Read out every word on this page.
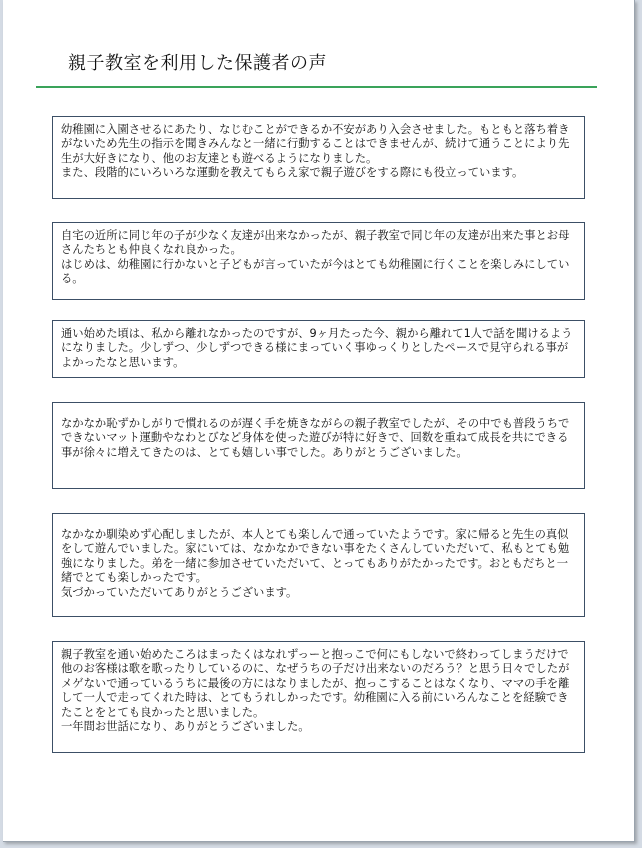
親子教室を利用した保護者の声

幼稚園に入園させるにあたり、なじむことができるか不安があり入会させました。もともと落ち着きがないため先生の指示を聞きみんなと一緒に行動することはできませんが、続けて通うことにより先生が大好きになり、他のお友達とも遊べるようになりました。

また、段階的にいろいろな運動を教えてもらえ家で親子遊びをする際にも役立っています。

自宅の近所に同じ年の子が少なく友達が出来なかったが、親子教室で同じ年の友達が出来た事とお母さんたちとも仲良くなれ良かった。

はじめは、幼稚園に行かないと子どもが言っていたが今はとても幼稚園に行くことを楽しみにしている。

通い始めた頃は、私から離れなかったのですが、9ヶ月たった今、親から離れて1人で話を聞けるようになりました。少しずつ、少しずつできる様にまっていく事ゆっくりとしたペースで見守られる事がよかったなと思います。

なかなか恥ずかしがりで慣れるのが遅く手を焼きながらの親子教室でしたが、その中でも普段うちでできないマット運動やなわとびなど身体を使った遊びが特に好きで、回数を重ねて成長を共にできる事が徐々に増えてきたのは、とても嬉しい事でした。ありがとうございました。

なかなか馴染めず心配しましたが、本人とても楽しんで通っていたようです。家に帰ると先生の真似をして遊んでいました。家にいては、なかなかできない事をたくさんしていただいて、私もとても勉強になりました。弟を一緒に参加させていただいて、とってもありがたかったです。おともだちと一緒でとても楽しかったです。

気づかっていただいてありがとうございます。

親子教室を通い始めたころはまったくはなれずっーと抱っこで何にもしないで終わってしまうだけで他のお客様は歌を歌ったりしているのに、なぜうちの子だけ出来ないのだろう？と思う日々でしたがメゲないで通っているうちに最後の方にはなりましたが、抱っこすることはなくなり、ママの手を離して一人で走ってくれた時は、とてもうれしかったです。幼稚園に入る前にいろんなことを経験できたことをとても良かったと思いました。

一年間お世話になり、ありがとうございました。
